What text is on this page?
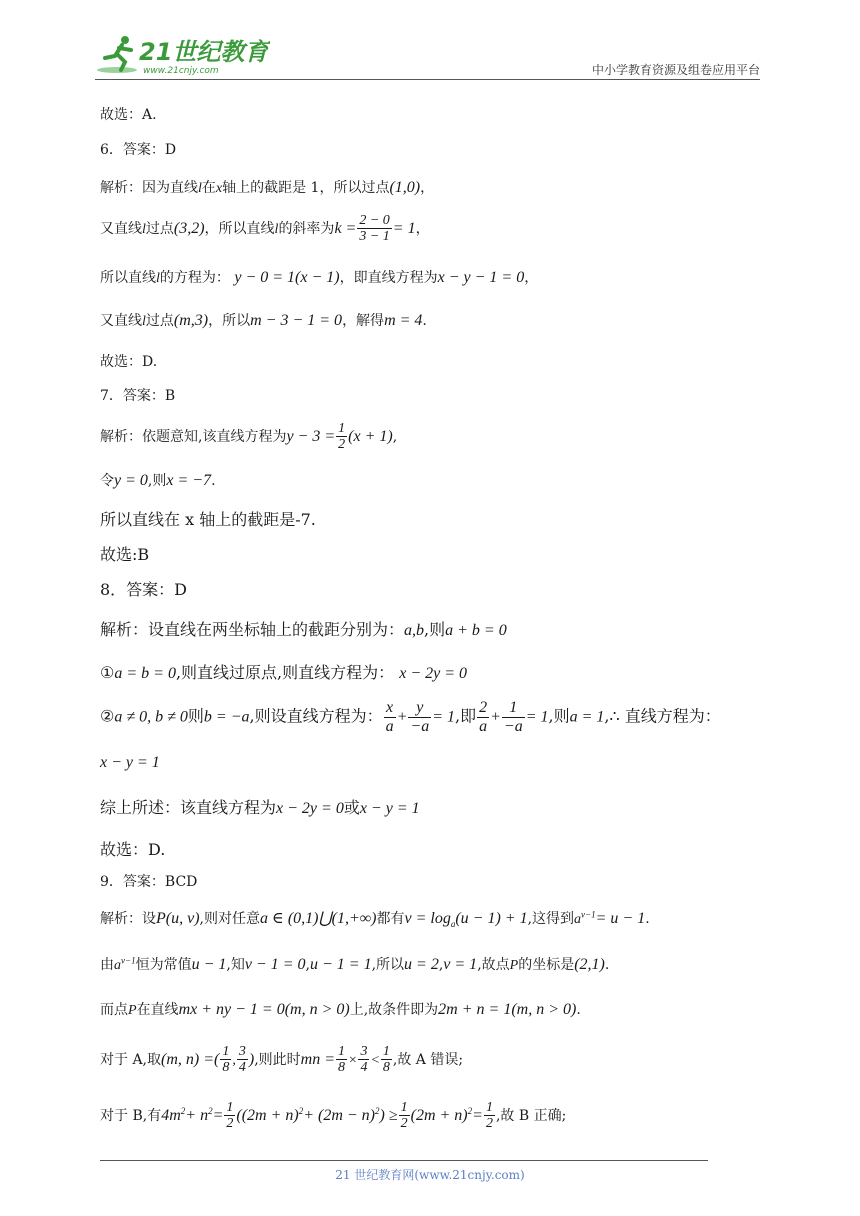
21世纪教育
www.21cnjy.com	中小学教育资源及组卷应用平台
故选：A.
6．答案：D
解析：因为直线l在x轴上的截距是 1，所以过点(1,0)，
又直线l过点(3,2)，所以直线l的斜率为$k = \frac{2 - 0}{3 - 1} = 1$，
所以直线l的方程为： y − 0 = 1(x − 1)，即直线方程为x − y − 1 = 0，
又直线l过点(m,3)，所以m − 3 − 1 = 0，解得m = 4.
故选：D.
7．答案：B
解析：依题意知,该直线方程为$y - 3 = \frac{1}{2} (x + 1)$,
令y = 0,则x = −7.
所以直线在 x 轴上的截距是-7.
故选:B
8．答案：D
解析：设直线在两坐标轴上的截距分别为：a,b,则a + b = 0
①a = b = 0,则直线过原点,则直线方程为： x − 2y = 0
②a ≠ 0, b ≠ 0则b = −a,则设直线方程为： $\frac{x}{a} + \frac{y}{-a} = 1$,即 $\frac{2}{a} + \frac{1}{-a} = 1$,则a = 1,∴ 直线方程为：
x − y = 1
综上所述：该直线方程为x − 2y = 0或x − y = 1
故选：D.
9．答案：BCD
解析：设P(u, v),则对任意a ∈ (0,1)⋃(1,+∞)都有$v = \log_a(u - 1) + 1$,这得到$a^{v-1}= u - 1$.
由$a^{v-1}$恒为常值u − 1,知v − 1 = 0,u − 1 = 1,所以u = 2,v = 1,故点P的坐标是(2,1).
而点P在直线mx + ny − 1 = 0(m, n > 0)上,故条件即为2m + n = 1(m, n > 0).
对于 A,取(m, n) =( $\frac{1}{8}$ , $\frac{3}{4}$ ),则此时mn = $\frac{1}{8} \times \frac{3}{4} < \frac{1}{8}$ ,故 A 错误;
对于 B,有$4m^2+ n^2= \frac{1}{2} ((2m + n)^2+ (2m - n)^2) \ge \frac{1}{2} (2m + n)^2= \frac{1}{2}$ ,故 B 正确;
21 世纪教育网(www.21cnjy.com)
